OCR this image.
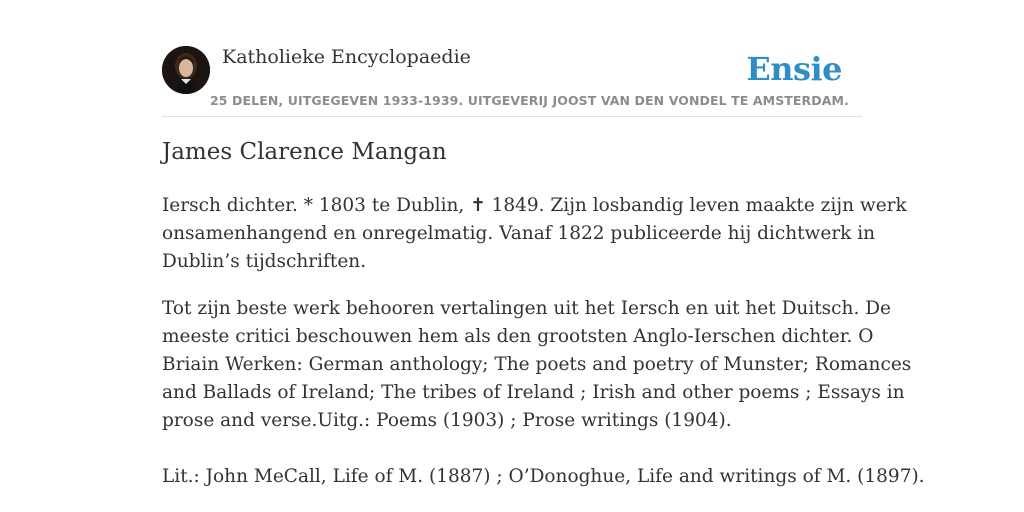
Katholieke Encyclopaedie	Ensie
25 DELEN, UITGEGEVEN 1933-1939. UITGEVERIJ JOOST VAN DEN VONDEL TE AMSTERDAM.
James Clarence Mangan

Iersch dichter. * 1803 te Dublin, ✝ 1849. Zijn losbandig leven maakte zijn werk
onsamenhangend en onregelmatig. Vanaf 1822 publiceerde hij dichtwerk in
Dublin’s tijdschriften.

Tot zijn beste werk behooren vertalingen uit het Iersch en uit het Duitsch. De
meeste critici beschouwen hem als den grootsten Anglo-Ierschen dichter. O
Briain Werken: German anthology; The poets and poetry of Munster; Romances
and Ballads of Ireland; The tribes of Ireland ; Irish and other poems ; Essays in
prose and verse.Uitg.: Poems (1903) ; Prose writings (1904).

Lit.: John MeCall, Life of M. (1887) ; O’Donoghue, Life and writings of M. (1897).
